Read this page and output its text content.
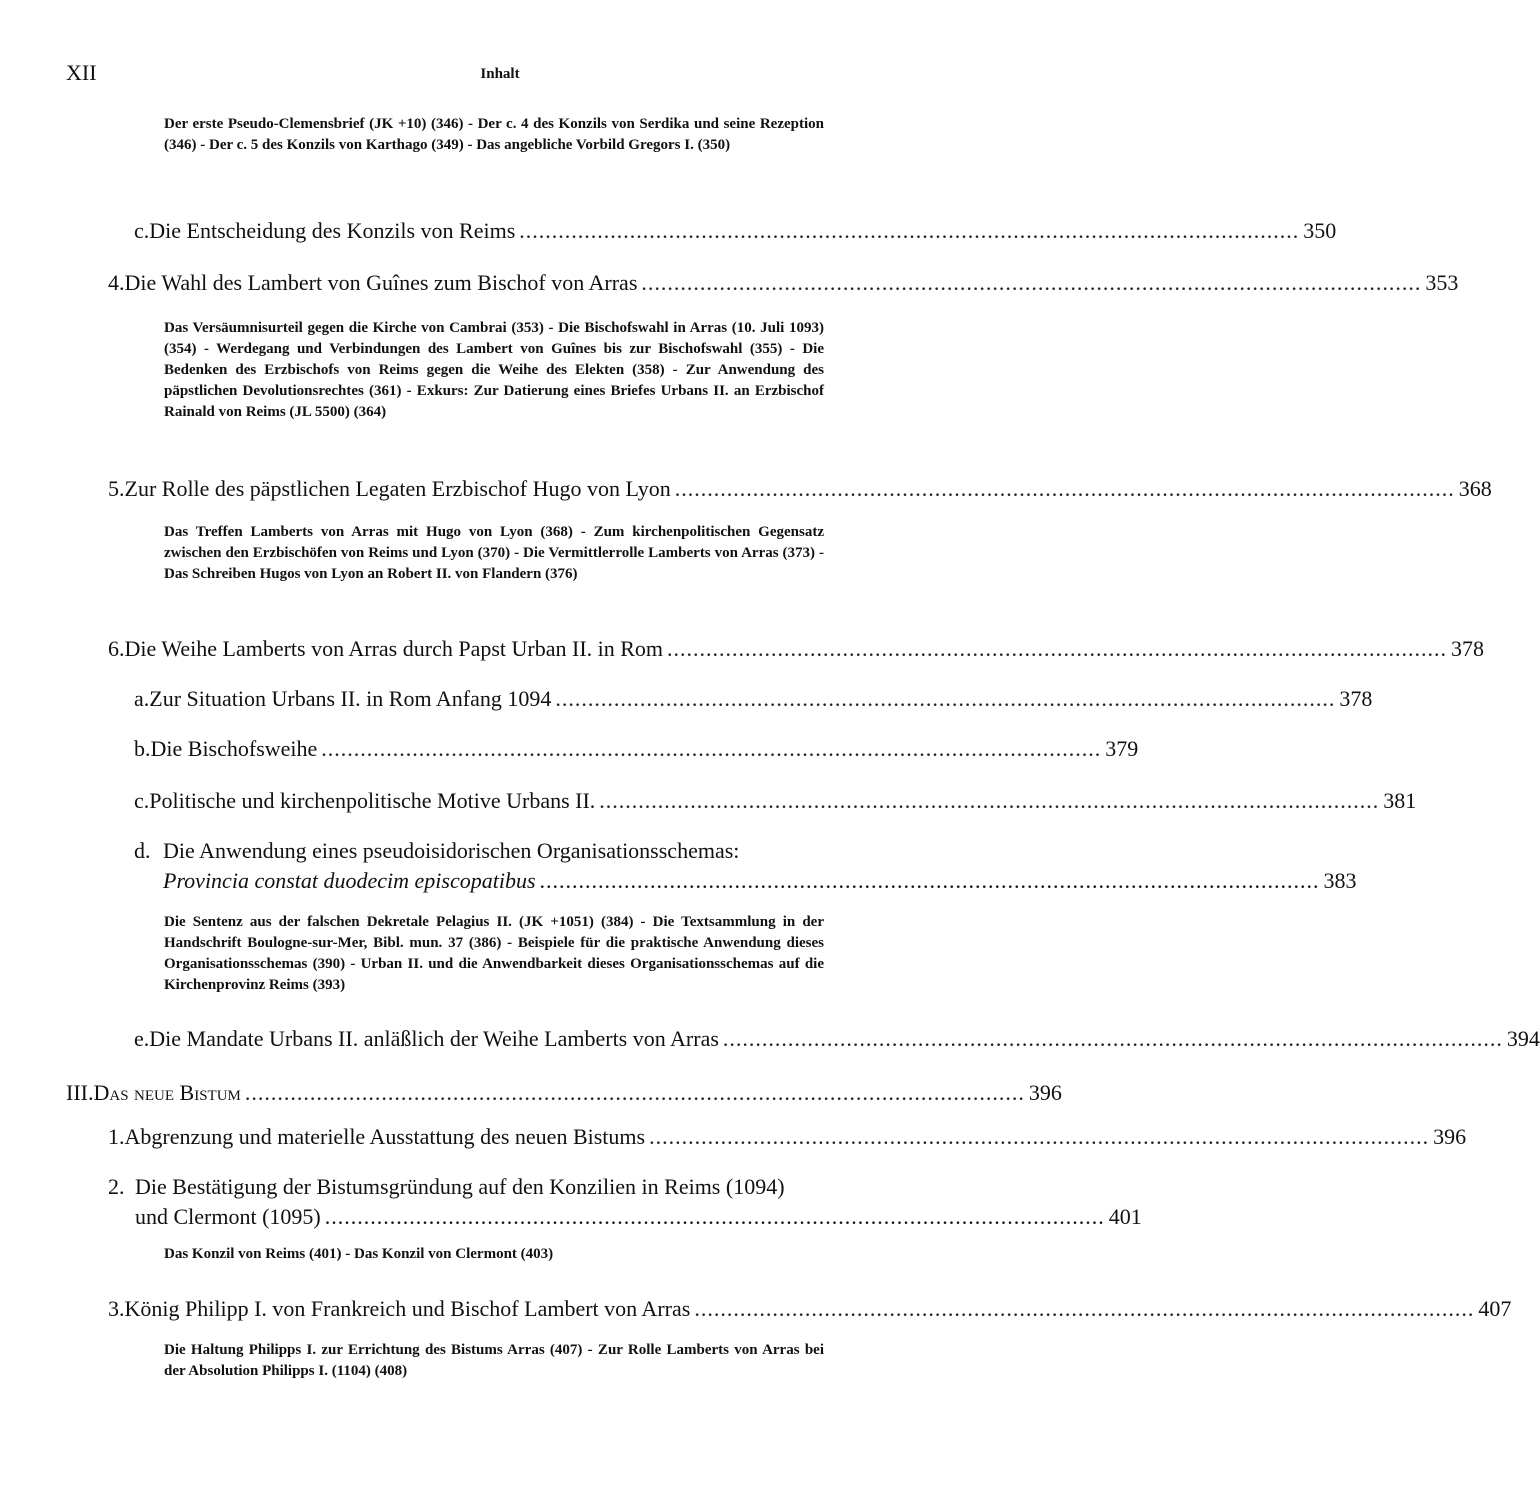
XII	Inhalt

Der erste Pseudo-Clemensbrief (JK +10) (346) - Der c. 4 des Konzils von Serdika und seine Rezeption (346) - Der c. 5 des Konzils von Karthago (349) - Das angebliche Vorbild Gregors I. (350)

c. Die Entscheidung des Konzils von Reims ........................................................................................................................ 350
4. Die Wahl des Lambert von Guînes zum Bischof von Arras ........................................................................................................................ 353

Das Versäumnisurteil gegen die Kirche von Cambrai (353) - Die Bischofswahl in Arras (10. Juli 1093) (354) - Werdegang und Verbindungen des Lambert von Guînes bis zur Bischofswahl (355) - Die Bedenken des Erzbischofs von Reims gegen die Weihe des Elekten (358) - Zur Anwendung des päpstlichen Devolutionsrechtes (361) - Exkurs: Zur Datierung eines Briefes Urbans II. an Erzbischof Rainald von Reims (JL 5500) (364)

5. Zur Rolle des päpstlichen Legaten Erzbischof Hugo von Lyon ........................................................................................................................ 368

Das Treffen Lamberts von Arras mit Hugo von Lyon (368) - Zum kirchenpolitischen Gegensatz zwischen den Erzbischöfen von Reims und Lyon (370) - Die Vermittlerrolle Lamberts von Arras (373) - Das Schreiben Hugos von Lyon an Robert II. von Flandern (376)

6. Die Weihe Lamberts von Arras durch Papst Urban II. in Rom ........................................................................................................................ 378
a. Zur Situation Urbans II. in Rom Anfang 1094 ........................................................................................................................ 378
b. Die Bischofsweihe ........................................................................................................................ 379
c. Politische und kirchenpolitische Motive Urbans II. ........................................................................................................................ 381
d. Die Anwendung eines pseudoisidorischen Organisationsschemas:
Provincia constat duodecim episcopatibus ........................................................................................................................ 383

Die Sentenz aus der falschen Dekretale Pelagius II. (JK +1051) (384) - Die Textsammlung in der Handschrift Boulogne-sur-Mer, Bibl. mun. 37 (386) - Beispiele für die praktische Anwendung dieses Organisationsschemas (390) - Urban II. und die Anwendbarkeit dieses Organisationsschemas auf die Kirchenprovinz Reims (393)

e. Die Mandate Urbans II. anläßlich der Weihe Lamberts von Arras ........................................................................................................................ 394
III. Das neue Bistum ........................................................................................................................ 396
1. Abgrenzung und materielle Ausstattung des neuen Bistums ........................................................................................................................ 396
2. Die Bestätigung der Bistumsgründung auf den Konzilien in Reims (1094)
und Clermont (1095) ........................................................................................................................ 401

Das Konzil von Reims (401) - Das Konzil von Clermont (403)

3. König Philipp I. von Frankreich und Bischof Lambert von Arras ........................................................................................................................ 407

Die Haltung Philipps I. zur Errichtung des Bistums Arras (407) - Zur Rolle Lamberts von Arras bei der Absolution Philipps I. (1104) (408)
